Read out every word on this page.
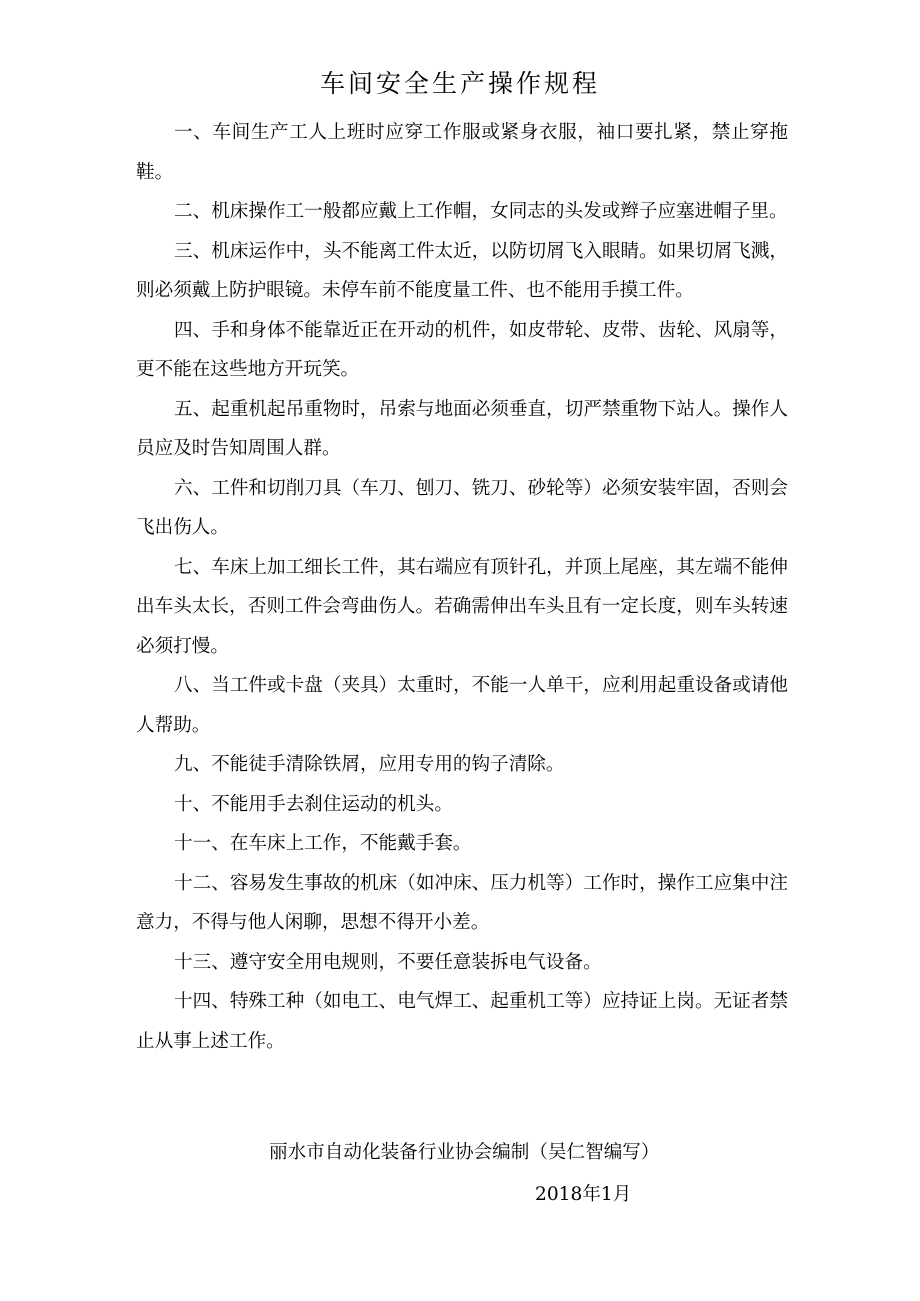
车间安全生产操作规程
一、车间生产工人上班时应穿工作服或紧身衣服，袖口要扎紧，禁止穿拖鞋。
二、机床操作工一般都应戴上工作帽，女同志的头发或辫子应塞进帽子里。
三、机床运作中，头不能离工件太近，以防切屑飞入眼睛。如果切屑飞溅，则必须戴上防护眼镜。未停车前不能度量工件、也不能用手摸工件。
四、手和身体不能靠近正在开动的机件，如皮带轮、皮带、齿轮、风扇等，更不能在这些地方开玩笑。
五、起重机起吊重物时，吊索与地面必须垂直，切严禁重物下站人。操作人员应及时告知周围人群。
六、工件和切削刀具（车刀、刨刀、铣刀、砂轮等）必须安装牢固，否则会飞出伤人。
七、车床上加工细长工件，其右端应有顶针孔，并顶上尾座，其左端不能伸出车头太长，否则工件会弯曲伤人。若确需伸出车头且有一定长度，则车头转速必须打慢。
八、当工件或卡盘（夹具）太重时，不能一人单干，应利用起重设备或请他人帮助。
九、不能徒手清除铁屑，应用专用的钩子清除。
十、不能用手去刹住运动的机头。
十一、在车床上工作，不能戴手套。
十二、容易发生事故的机床（如冲床、压力机等）工作时，操作工应集中注意力，不得与他人闲聊，思想不得开小差。
十三、遵守安全用电规则，不要任意装拆电气设备。
十四、特殊工种（如电工、电气焊工、起重机工等）应持证上岗。无证者禁止从事上述工作。
丽水市自动化装备行业协会编制（吴仁智编写）
2018年1月
